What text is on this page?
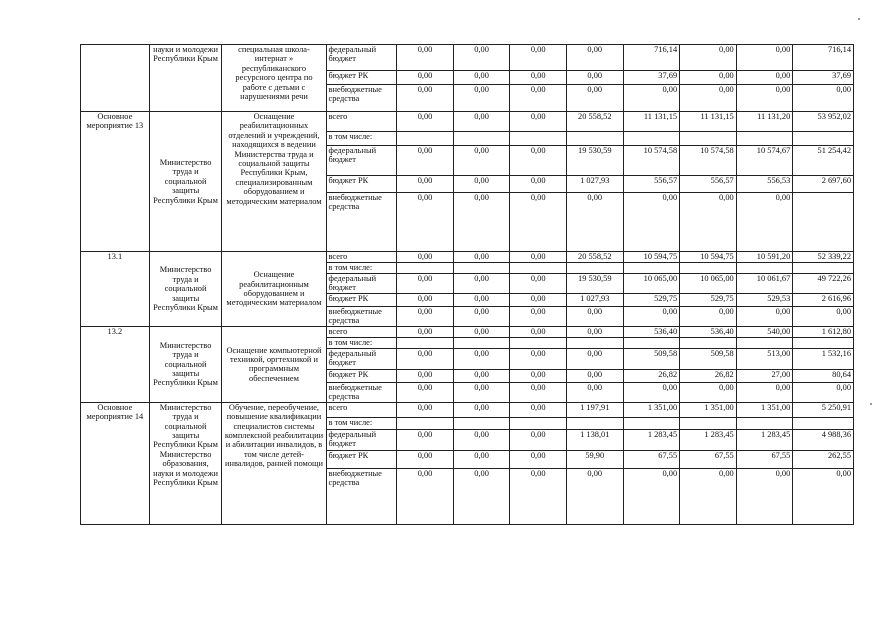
	науки и молодежи Республики Крым	специальная школа-интернат » республиканского ресурсного центра по работе с детьми с нарушениями речи	федеральный бюджет	0,00	0,00	0,00	0,00	716,14	0,00	0,00	716,14
			бюджет РК	0,00	0,00	0,00	0,00	37,69	0,00	0,00	37,69
			внебюджетные средства	0,00	0,00	0,00	0,00	0,00	0,00	0,00	0,00
Основное мероприятие 13	Министерство труда и социальной защиты Республики Крым	Оснащение реабилитационных отделений и учреждений, находящихся в ведении Министерства труда и социальной защиты Республики Крым, специализированным оборудованием и методическим материалом	всего	0,00	0,00	0,00	20 558,52	11 131,15	11 131,15	11 131,20	53 952,02
			в том числе:								
			федеральный бюджет	0,00	0,00	0,00	19 530,59	10 574,58	10 574,58	10 574,67	51 254,42
			бюджет РК	0,00	0,00	0,00	1 027,93	556,57	556,57	556,53	2 697,60
			внебюджетные средства	0,00	0,00	0,00	0,00	0,00	0,00	0,00	
13.1	Министерство труда и социальной защиты Республики Крым	Оснащение реабилитационным оборудованием и методическим материалом	всего	0,00	0,00	0,00	20 558,52	10 594,75	10 594,75	10 591,20	52 339,22
			в том числе:								
			федеральный бюджет	0,00	0,00	0,00	19 530,59	10 065,00	10 065,00	10 061,67	49 722,26
			бюджет РК	0,00	0,00	0,00	1 027,93	529,75	529,75	529,53	2 616,96
			внебюджетные средства	0,00	0,00	0,00	0,00	0,00	0,00	0,00	0,00
13.2	Министерство труда и социальной защиты Республики Крым	Оснащение компьютерной техникой, оргтехникой и программным обеспечением	всего	0,00	0,00	0,00	0,00	536,40	536,40	540,00	1 612,80
			в том числе:								
			федеральный бюджет	0,00	0,00	0,00	0,00	509,58	509,58	513,00	1 532,16
			бюджет РК	0,00	0,00	0,00	0,00	26,82	26,82	27,00	80,64
			внебюджетные средства	0,00	0,00	0,00	0,00	0,00	0,00	0,00	0,00
Основное мероприятие 14	Министерство труда и социальной защиты Республики Крым Министерство образования, науки и молодежи Республики Крым	Обучение, переобучение, повышение квалификации специалистов системы комплексной реабилитации и абилитации инвалидов, в том числе детей-инвалидов, ранней помощи	всего	0,00	0,00	0,00	1 197,91	1 351,00	1 351,00	1 351,00	5 250,91
			в том числе:								
			федеральный бюджет	0,00	0,00	0,00	1 138,01	1 283,45	1 283,45	1 283,45	4 988,36
			бюджет РК	0,00	0,00	0,00	59,90	67,55	67,55	67,55	262,55
			внебюджетные средства	0,00	0,00	0,00	0,00	0,00	0,00	0,00	0,00
